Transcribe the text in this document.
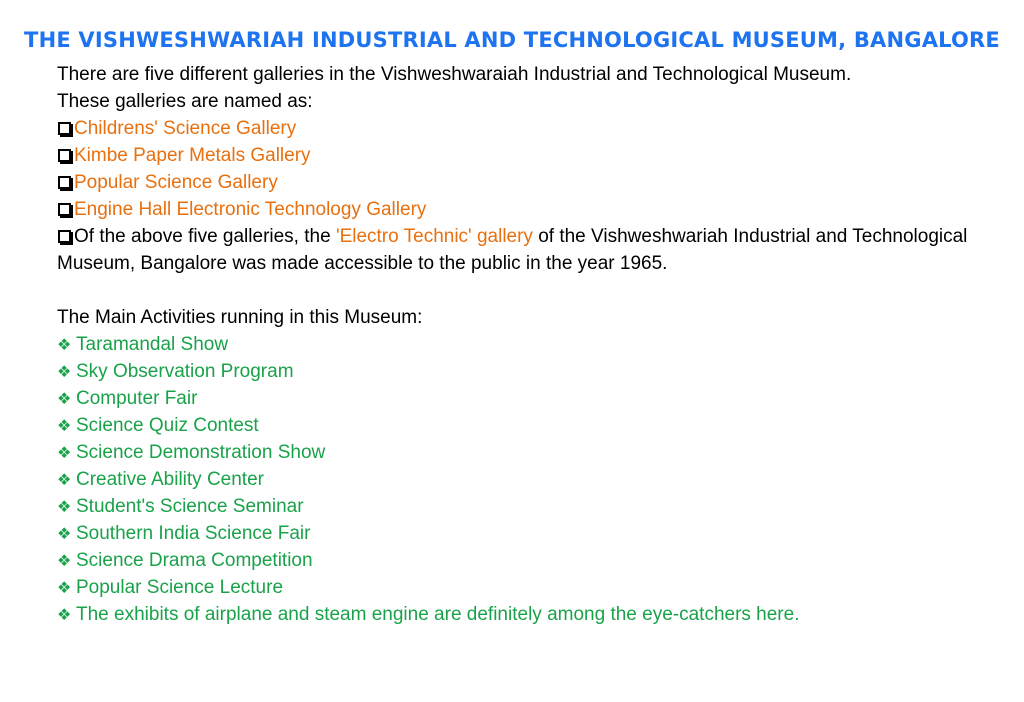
THE VISHWESHWARIAH INDUSTRIAL AND TECHNOLOGICAL MUSEUM, BANGALORE

There are five different galleries in the Vishweshwaraiah Industrial and Technological Museum.

These galleries are named as:

Childrens' Science Gallery

Kimbe Paper Metals Gallery

Popular Science Gallery

Engine Hall Electronic Technology Gallery

Of the above five galleries, the 'Electro Technic' gallery of the Vishweshwariah Industrial and Technological Museum, Bangalore was made accessible to the public in the year 1965.

The Main Activities running in this Museum:

❖ Taramandal Show

❖ Sky Observation Program

❖ Computer Fair

❖ Science Quiz Contest

❖ Science Demonstration Show

❖ Creative Ability Center

❖ Student's Science Seminar

❖ Southern India Science Fair

❖ Science Drama Competition

❖ Popular Science Lecture

❖ The exhibits of airplane and steam engine are definitely among the eye-catchers here.
